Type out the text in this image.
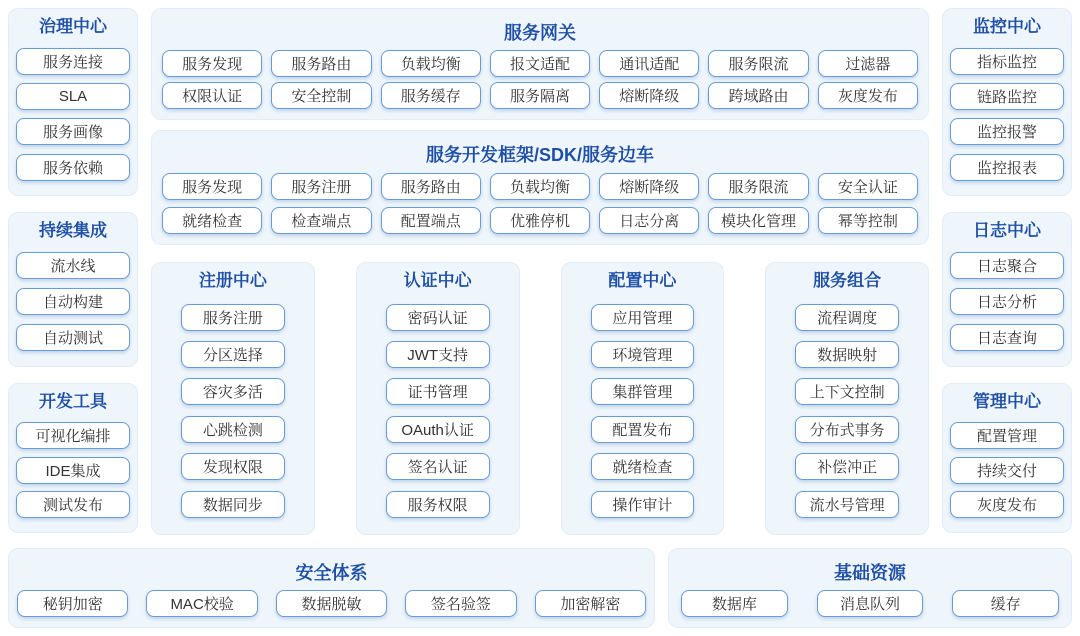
治理中心
服务连接
SLA
服务画像
服务依赖
持续集成
流水线
自动构建
自动测试
开发工具
可视化编排
IDE集成
测试发布
服务网关
服务发现	服务路由	负载均衡	报文适配	通讯适配	服务限流	过滤器
权限认证	安全控制	服务缓存	服务隔离	熔断降级	跨域路由	灰度发布
服务开发框架/SDK/服务边车
服务发现	服务注册	服务路由	负载均衡	熔断降级	服务限流	安全认证
就绪检查	检查端点	配置端点	优雅停机	日志分离	模块化管理	幂等控制
注册中心
服务注册
分区选择
容灾多活
心跳检测
发现权限
数据同步
认证中心
密码认证
JWT支持
证书管理
OAuth认证
签名认证
服务权限
配置中心
应用管理
环境管理
集群管理
配置发布
就绪检查
操作审计
服务组合
流程调度
数据映射
上下文控制
分布式事务
补偿冲正
流水号管理
监控中心
指标监控
链路监控
监控报警
监控报表
日志中心
日志聚合
日志分析
日志查询
管理中心
配置管理
持续交付
灰度发布
安全体系
秘钥加密	MAC校验	数据脱敏	签名验签	加密解密
基础资源
数据库	消息队列	缓存
